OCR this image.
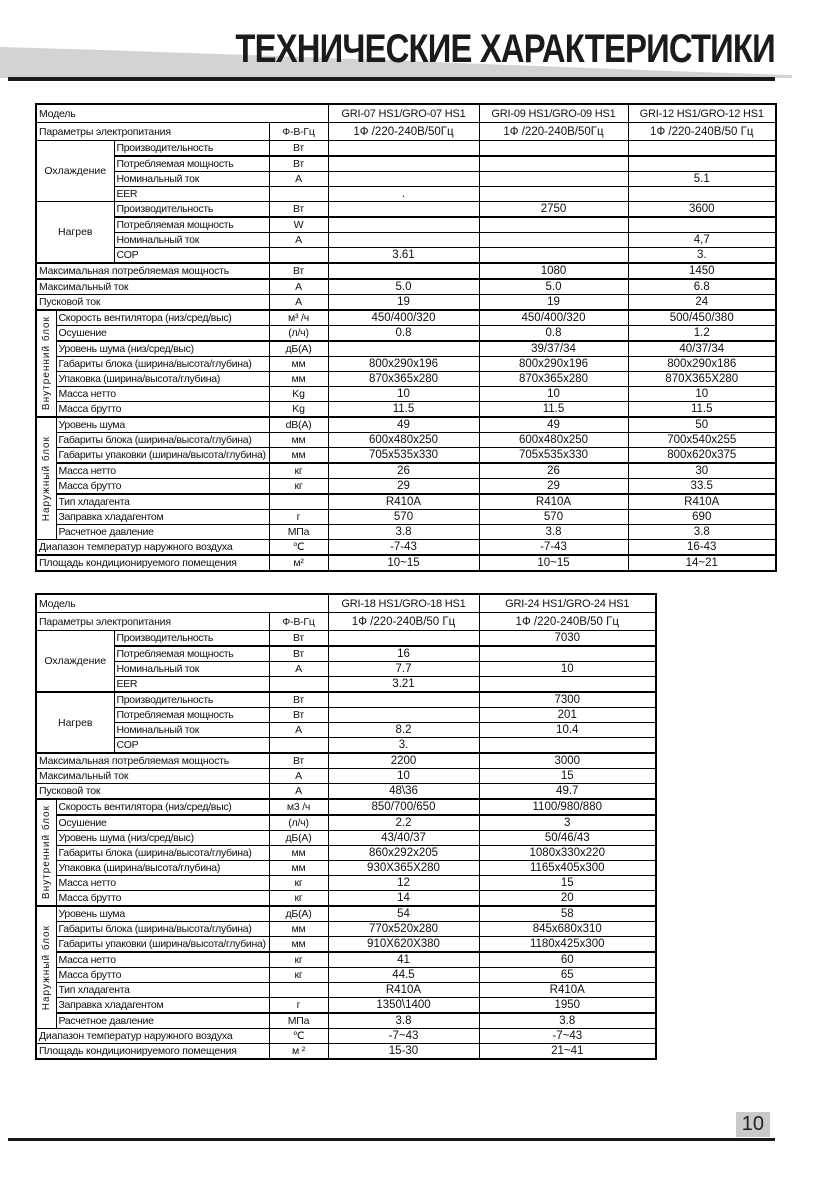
ТЕХНИЧЕСКИЕ ХАРАКТЕРИСТИКИ
Модель				GRI-07 HS1/GRO-07 HS1	GRI-09 HS1/GRO-09 HS1	GRI-12 HS1/GRO-12 HS1
Параметры электропитания			Ф-В-Гц	1Ф /220-240В/50Гц	1Ф /220-240В/50Гц	1Ф /220-240В/50 Гц
Охлаждение		Производительность	Вт			
		Потребляемая мощность	Вт			
		Номинальный ток	А			5.1
		EER		.		
Нагрев		Производительность	Вт		2750	3600
		Потребляемая мощность	W			
		Номинальный ток	А			4,7
		COP		3.61		3.
Максимальная потребляемая мощность			Вт		1080	1450
Максимальный ток			А	5.0	5.0	6.8
Пусковой ток			А	19	19	24

Внутренний блок	Скорость вентилятора (низ/сред/выс)		м³ /ч	450/400/320	450/400/320	500/450/380
	Осушение		(л/ч)	0.8	0.8	1.2
	Уровень шума (низ/сред/выс)		дБ(А)		39/37/34	40/37/34
	Габариты блока (ширина/высота/глубина)		мм	800х290х196	800х290х196	800х290х186
	Упаковка (ширина/высота/глубина)		мм	870х365х280	870х365х280	870Х365Х280
	Масса нетто		Kg	10	10	10
	Масса брутто		Kg	11.5	11.5	11.5

Наружный блок	Уровень шума		dB(A)	49	49	50
	Габариты блока (ширина/высота/глубина)		мм	600х480х250	600х480х250	700х540х255
	Габариты упаковки (ширина/высота/глубина)		мм	705х535х330	705х535х330	800х620х375
	Масса нетто		кг	26	26	30
	Масса брутто		кг	29	29	33.5
	Тип хладагента			R410A	R410A	R410A
	Заправка хладагентом		г	570	570	690
	Расчетное давление		МПа	3.8	3.8	3.8
Диапазон температур наружного воздуха			℃	-7-43	-7-43	16-43
Площадь кондиционируемого помещения			м²	10~15	10~15	14~21
Модель				GRI-18 HS1/GRO-18 HS1	GRI-24 HS1/GRO-24 HS1
Параметры электропитания			Ф-В-Гц	1Ф /220-240В/50 Гц	1Ф /220-240В/50 Гц
Охлаждение		Производительность	Вт		7030
		Потребляемая мощность	Вт	16	
		Номинальный ток	А	7.7	10
		EER		3.21	
Нагрев		Производительность	Вт		7300
		Потребляемая мощность	Вт		201
		Номинальный ток	А	8.2	10.4
		COP		3.	
Максимальная потребляемая мощность			Вт	2200	3000
Максимальный ток			А	10	15
Пусковой ток			А	48\36	49.7

Внутренний блок	Скорость вентилятора (низ/сред/выс)		м3 /ч	850/700/650	1100/980/880
	Осушение		(л/ч)	2.2	3
	Уровень шума (низ/сред/выс)		дБ(А)	43/40/37	50/46/43
	Габариты блока (ширина/высота/глубина)		мм	860х292х205	1080х330х220
	Упаковка (ширина/высота/глубина)		мм	930Х365Х280	1165х405х300
	Масса нетто		кг	12	15
	Масса брутто		кг	14	20

Наружный блок	Уровень шума		дБ(А)	54	58
	Габариты блока (ширина/высота/глубина)		мм	770х520х280	845х680х310
	Габариты упаковки (ширина/высота/глубина)		мм	910Х620Х380	1180х425х300
	Масса нетто		кг	41	60
	Масса брутто		кг	44.5	65
	Тип хладагента			R410A	R410A
	Заправка хладагентом		г	1350\1400	1950
	Расчетное давление		МПа	3.8	3.8
Диапазон температур наружного воздуха			℃	-7~43	-7~43
Площадь кондиционируемого помещения			м ²	15-30	21~41
10
